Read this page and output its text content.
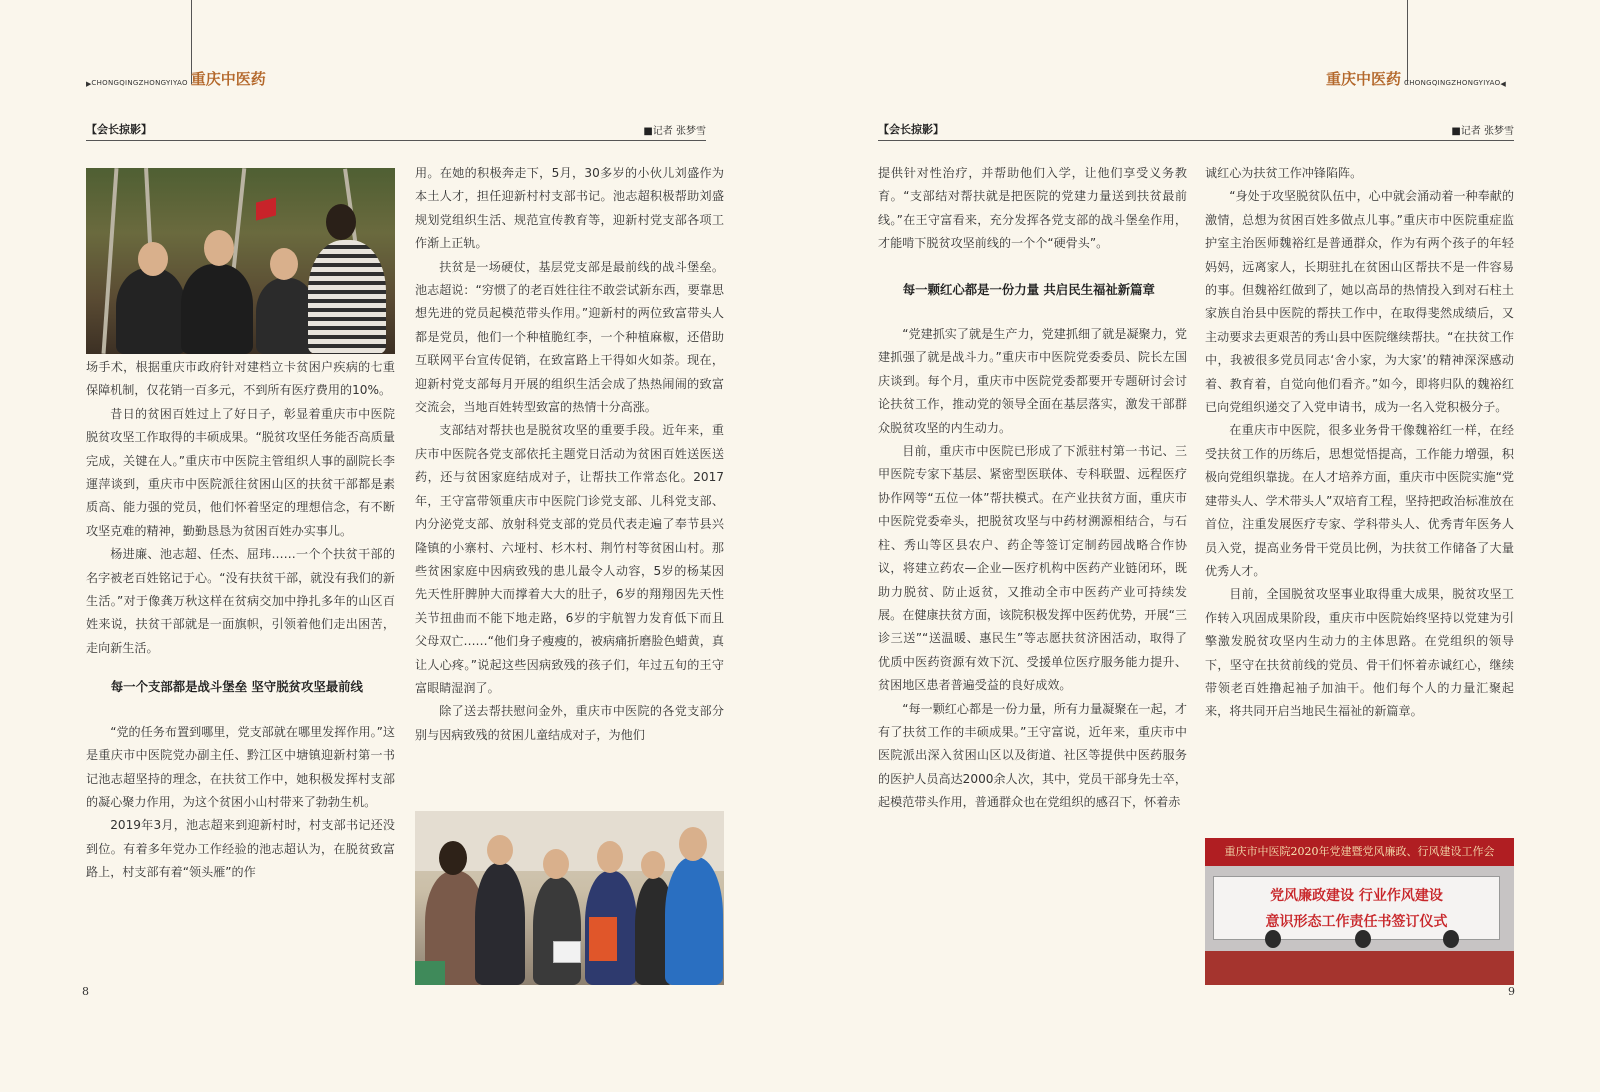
▶ CHONGQINGZHONGYIYAO 重庆中医药
【会长掠影】	■记者 张梦雪

场手术，根据重庆市政府针对建档立卡贫困户疾病的七重保障机制，仅花销一百多元，不到所有医疗费用的10%。

昔日的贫困百姓过上了好日子，彰显着重庆市中医院脱贫攻坚工作取得的丰硕成果。“脱贫攻坚任务能否高质量完成，关键在人。”重庆市中医院主管组织人事的副院长李運萍谈到，重庆市中医院派往贫困山区的扶贫干部都是素质高、能力强的党员，他们怀着坚定的理想信念，有不断攻坚克难的精神，勤勤恳恳为贫困百姓办实事儿。

杨进廉、池志超、任杰、屈玮……一个个扶贫干部的名字被老百姓铭记于心。“没有扶贫干部，就没有我们的新生活。”对于像龚万秋这样在贫病交加中挣扎多年的山区百姓来说，扶贫干部就是一面旗帜，引领着他们走出困苦，走向新生活。

每一个支部都是战斗堡垒 坚守脱贫攻坚最前线

“党的任务布置到哪里，党支部就在哪里发挥作用。”这是重庆市中医院党办副主任、黔江区中塘镇迎新村第一书记池志超坚持的理念，在扶贫工作中，她积极发挥村支部的凝心聚力作用，为这个贫困小山村带来了勃勃生机。

2019年3月，池志超来到迎新村时，村支部书记还没到位。有着多年党办工作经验的池志超认为，在脱贫致富路上，村支部有着“领头雁”的作

用。在她的积极奔走下，5月，30多岁的小伙儿刘盛作为本土人才，担任迎新村村支部书记。池志超积极帮助刘盛规划党组织生活、规范宣传教育等，迎新村党支部各项工作渐上正轨。

扶贫是一场硬仗，基层党支部是最前线的战斗堡垒。池志超说：“穷惯了的老百姓往往不敢尝试新东西，要靠思想先进的党员起模范带头作用。”迎新村的两位致富带头人都是党员，他们一个种植脆红李，一个种植麻椒，还借助互联网平台宣传促销，在致富路上干得如火如荼。现在，迎新村党支部每月开展的组织生活会成了热热闹闹的致富交流会，当地百姓转型致富的热情十分高涨。

支部结对帮扶也是脱贫攻坚的重要手段。近年来，重庆市中医院各党支部依托主题党日活动为贫困百姓送医送药，还与贫困家庭结成对子，让帮扶工作常态化。2017年，王守富带领重庆市中医院门诊党支部、儿科党支部、内分泌党支部、放射科党支部的党员代表走遍了奉节县兴隆镇的小寨村、六垭村、杉木村、荆竹村等贫困山村。那些贫困家庭中因病致残的患儿最令人动容，5岁的杨某因先天性肝脾肿大而撑着大大的肚子，6岁的翔翔因先天性关节扭曲而不能下地走路，6岁的宇航智力发育低下而且父母双亡……“他们身子瘦瘦的，被病痛折磨脸色蜡黄，真让人心疼。”说起这些因病致残的孩子们，年过五旬的王守富眼睛湿润了。

除了送去帮扶慰问金外，重庆市中医院的各党支部分别与因病致残的贫困儿童结成对子，为他们

8
重庆中医药 CHONGQINGZHONGYIYAO ◀
【会长掠影】	■记者 张梦雪

提供针对性治疗，并帮助他们入学，让他们享受义务教育。“支部结对帮扶就是把医院的党建力量送到扶贫最前线。”在王守富看来，充分发挥各党支部的战斗堡垒作用，才能啃下脱贫攻坚前线的一个个“硬骨头”。

每一颗红心都是一份力量 共启民生福祉新篇章

“党建抓实了就是生产力，党建抓细了就是凝聚力，党建抓强了就是战斗力。”重庆市中医院党委委员、院长左国庆谈到。每个月，重庆市中医院党委都要开专题研讨会讨论扶贫工作，推动党的领导全面在基层落实，激发干部群众脱贫攻坚的内生动力。

目前，重庆市中医院已形成了下派驻村第一书记、三甲医院专家下基层、紧密型医联体、专科联盟、远程医疗协作网等“五位一体”帮扶模式。在产业扶贫方面，重庆市中医院党委牵头，把脱贫攻坚与中药材溯源相结合，与石柱、秀山等区县农户、药企等签订定制药园战略合作协议，将建立药农—企业—医疗机构中医药产业链闭环，既助力脱贫、防止返贫，又推动全市中医药产业可持续发展。在健康扶贫方面，该院积极发挥中医药优势，开展“三诊三送”“送温暖、惠民生”等志愿扶贫济困活动，取得了优质中医药资源有效下沉、受援单位医疗服务能力提升、贫困地区患者普遍受益的良好成效。

“每一颗红心都是一份力量，所有力量凝聚在一起，才有了扶贫工作的丰硕成果。”王守富说，近年来，重庆市中医院派出深入贫困山区以及街道、社区等提供中医药服务的医护人员高达2000余人次，其中，党员干部身先士卒，起模范带头作用，普通群众也在党组织的感召下，怀着赤

诚红心为扶贫工作冲锋陷阵。

“身处于攻坚脱贫队伍中，心中就会涌动着一种奉献的激情，总想为贫困百姓多做点儿事。”重庆市中医院重症监护室主治医师魏裕红是普通群众，作为有两个孩子的年轻妈妈，远离家人，长期驻扎在贫困山区帮扶不是一件容易的事。但魏裕红做到了，她以高昂的热情投入到对石柱土家族自治县中医院的帮扶工作中，在取得斐然成绩后，又主动要求去更艰苦的秀山县中医院继续帮扶。“在扶贫工作中，我被很多党员同志‘舍小家，为大家’的精神深深感动着、教育着，自觉向他们看齐。”如今，即将归队的魏裕红已向党组织递交了入党申请书，成为一名入党积极分子。

在重庆市中医院，很多业务骨干像魏裕红一样，在经受扶贫工作的历练后，思想觉悟提高，工作能力增强，积极向党组织靠拢。在人才培养方面，重庆市中医院实施“党建带头人、学术带头人”双培育工程，坚持把政治标准放在首位，注重发展医疗专家、学科带头人、优秀青年医务人员入党，提高业务骨干党员比例，为扶贫工作储备了大量优秀人才。

目前，全国脱贫攻坚事业取得重大成果，脱贫攻坚工作转入巩固成果阶段，重庆市中医院始终坚持以党建为引擎激发脱贫攻坚内生动力的主体思路。在党组织的领导下，坚守在扶贫前线的党员、骨干们怀着赤诚红心，继续带领老百姓撸起袖子加油干。他们每个人的力量汇聚起来，将共同开启当地民生福祉的新篇章。

重庆市中医院2020年党建暨党风廉政、行风建设工作会
党风廉政建设 行业作风建设
意识形态工作责任书签订仪式
9
